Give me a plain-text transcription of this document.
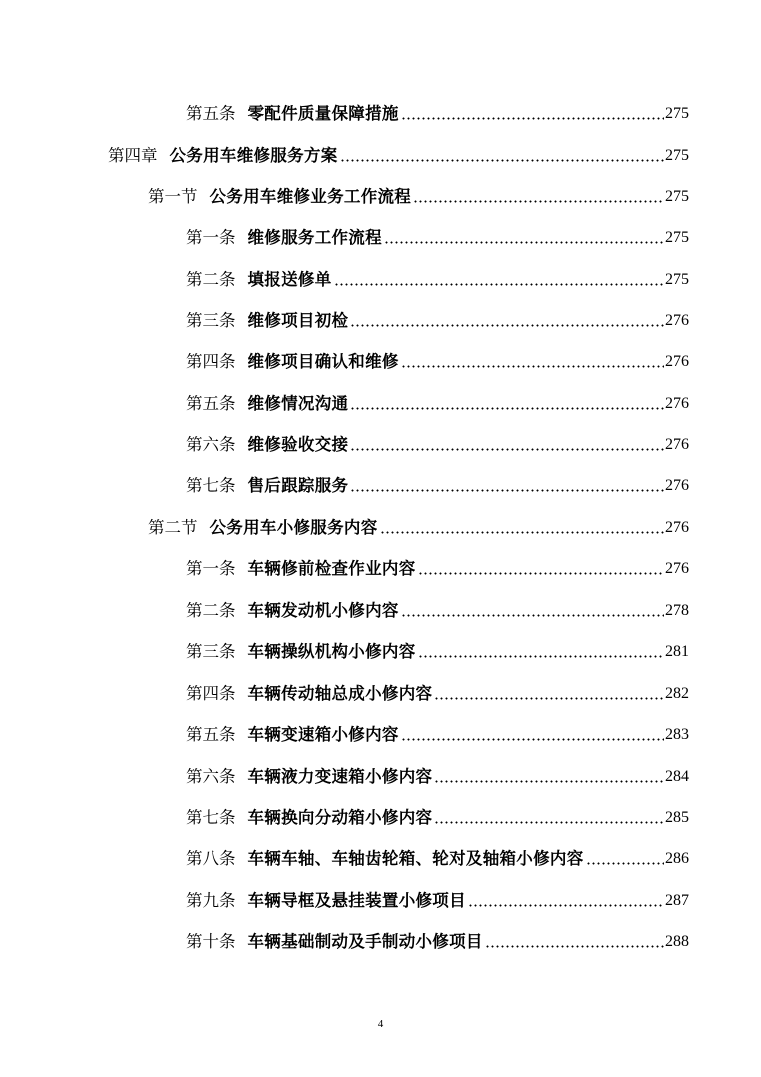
第五条 零配件质量保障措施	275
第四章 公务用车维修服务方案	275
第一节 公务用车维修业务工作流程	275
第一条 维修服务工作流程	275
第二条 填报送修单	275
第三条 维修项目初检	276
第四条 维修项目确认和维修	276
第五条 维修情况沟通	276
第六条 维修验收交接	276
第七条 售后跟踪服务	276
第二节 公务用车小修服务内容	276
第一条 车辆修前检查作业内容	276
第二条 车辆发动机小修内容	278
第三条 车辆操纵机构小修内容	281
第四条 车辆传动轴总成小修内容	282
第五条 车辆变速箱小修内容	283
第六条 车辆液力变速箱小修内容	284
第七条 车辆换向分动箱小修内容	285
第八条 车辆车轴、车轴齿轮箱、轮对及轴箱小修内容	286
第九条 车辆导框及悬挂装置小修项目	287
第十条 车辆基础制动及手制动小修项目	288
4
